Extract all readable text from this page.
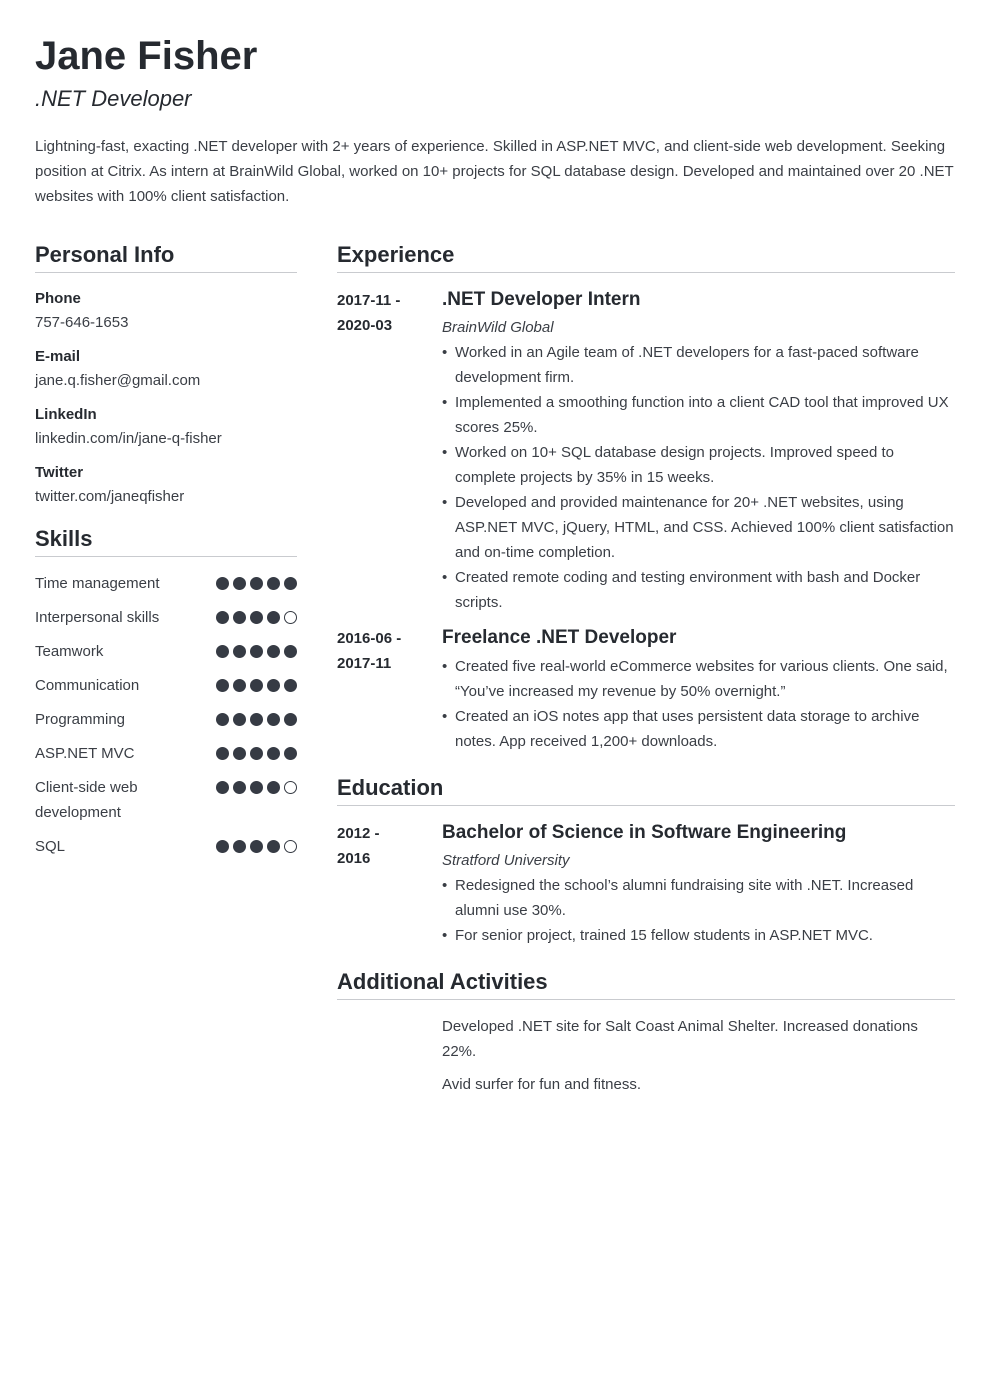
Jane Fisher
.NET Developer

Lightning-fast, exacting .NET developer with 2+ years of experience. Skilled in ASP.NET MVC, and client-side web development. Seeking position at Citrix. As intern at BrainWild Global, worked on 10+ projects for SQL database design. Developed and maintained over 20 .NET websites with 100% client satisfaction.

Personal Info
Phone
757-646-1653
E-mail
jane.q.fisher@gmail.com
LinkedIn
linkedin.com/in/jane-q-fisher
Twitter
twitter.com/janeqfisher
Skills
Time management
Interpersonal skills
Teamwork
Communication
Programming
ASP.NET MVC
Client-side web development
SQL
Experience
2017-11 -
2020-03
.NET Developer Intern
BrainWild Global
• Worked in an Agile team of .NET developers for a fast-paced software development firm.
• Implemented a smoothing function into a client CAD tool that improved UX scores 25%.
• Worked on 10+ SQL database design projects. Improved speed to complete projects by 35% in 15 weeks.
• Developed and provided maintenance for 20+ .NET websites, using ASP.NET MVC, jQuery, HTML, and CSS. Achieved 100% client satisfaction and on-time completion.
• Created remote coding and testing environment with bash and Docker scripts.
2016-06 -
2017-11
Freelance .NET Developer
• Created five real-world eCommerce websites for various clients. One said, “You’ve increased my revenue by 50% overnight.”
• Created an iOS notes app that uses persistent data storage to archive notes. App received 1,200+ downloads.
Education
2012 -
2016
Bachelor of Science in Software Engineering
Stratford University
• Redesigned the school’s alumni fundraising site with .NET. Increased alumni use 30%.
• For senior project, trained 15 fellow students in ASP.NET MVC.
Additional Activities
Developed .NET site for Salt Coast Animal Shelter. Increased donations 22%.
Avid surfer for fun and fitness.
